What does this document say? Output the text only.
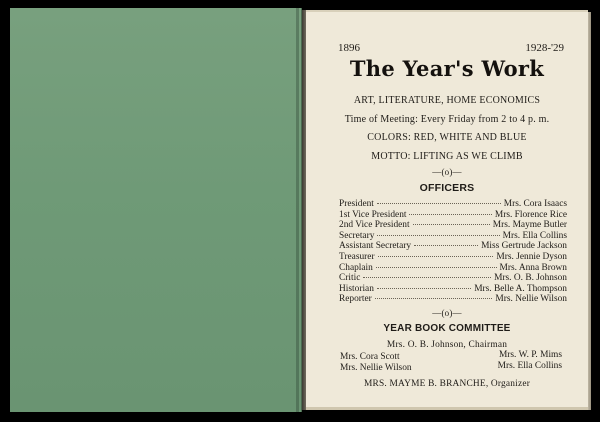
1896	1928-'29
The Year's Work
ART, LITERATURE, HOME ECONOMICS
Time of Meeting: Every Friday from 2 to 4 p. m.
COLORS: RED, WHITE AND BLUE
MOTTO: LIFTING AS WE CLIMB
—(o)—
OFFICERS
President	Mrs. Cora Isaacs
1st Vice President	Mrs. Florence Rice
2nd Vice President	Mrs. Mayme Butler
Secretary	Mrs. Ella Collins
Assistant Secretary	Miss Gertrude Jackson
Treasurer	Mrs. Jennie Dyson
Chaplain	Mrs. Anna Brown
Critic	Mrs. O. B. Johnson
Historian	Mrs. Belle A. Thompson
Reporter	Mrs. Nellie Wilson
—(o)—
YEAR BOOK COMMITTEE
Mrs. O. B. Johnson, Chairman
Mrs. Cora Scott	Mrs. W. P. Mims
Mrs. Nellie Wilson	Mrs. Ella Collins
MRS. MAYME B. BRANCHE, Organizer
